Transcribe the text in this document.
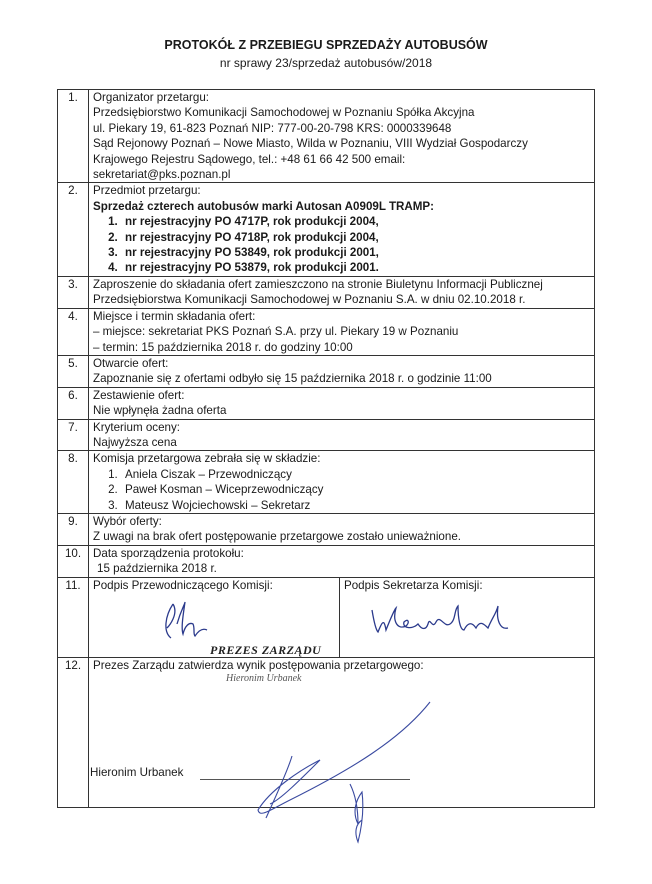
PROTOKÓŁ Z PRZEBIEGU SPRZEDAŻY AUTOBUSÓW
nr sprawy 23/sprzedaż autobusów/2018
1.	Organizator przetargu:
Przedsiębiorstwo Komunikacji Samochodowej w Poznaniu Spółka Akcyjna
ul. Piekary 19, 61-823 Poznań NIP: 777-00-20-798 KRS: 0000339648
Sąd Rejonowy Poznań – Nowe Miasto, Wilda w Poznaniu, VIII Wydział Gospodarczy
Krajowego Rejestru Sądowego, tel.: +48 61 66 42 500 email:
sekretariat@pks.poznan.pl

2.	Przedmiot przetargu:
Sprzedaż czterech autobusów marki Autosan A0909L TRAMP:
1. nr rejestracyjny PO 4717P, rok produkcji 2004,
2. nr rejestracyjny PO 4718P, rok produkcji 2004,
3. nr rejestracyjny PO 53849, rok produkcji 2001,
4. nr rejestracyjny PO 53879, rok produkcji 2001.

3.	Zaproszenie do składania ofert zamieszczono na stronie Biuletynu Informacji Publicznej
Przedsiębiorstwa Komunikacji Samochodowej w Poznaniu S.A. w dniu 02.10.2018 r.

4.	Miejsce i termin składania ofert:
– miejsce: sekretariat PKS Poznań S.A. przy ul. Piekary 19 w Poznaniu
– termin: 15 października 2018 r. do godziny 10:00

5.	Otwarcie ofert:
Zapoznanie się z ofertami odbyło się 15 października 2018 r. o godzinie 11:00

6.	Zestawienie ofert:
Nie wpłynęła żadna oferta

7.	Kryterium oceny:
Najwyższa cena

8.	Komisja przetargowa zebrała się w składzie:
1. Aniela Ciszak – Przewodniczący
2. Paweł Kosman – Wiceprzewodniczący
3. Mateusz Wojciechowski – Sekretarz

9.	Wybór oferty:
Z uwagi na brak ofert postępowanie przetargowe zostało unieważnione.

10.	Data sporządzenia protokołu:
15 października 2018 r.

11.	Podpis Przewodniczącego Komisji:	Podpis Sekretarza Komisji:

12.	Prezes Zarządu zatwierdza wynik postępowania przetargowego:
PREZES ZARZĄDU
Hieronim Urbanek
Hieronim Urbanek
